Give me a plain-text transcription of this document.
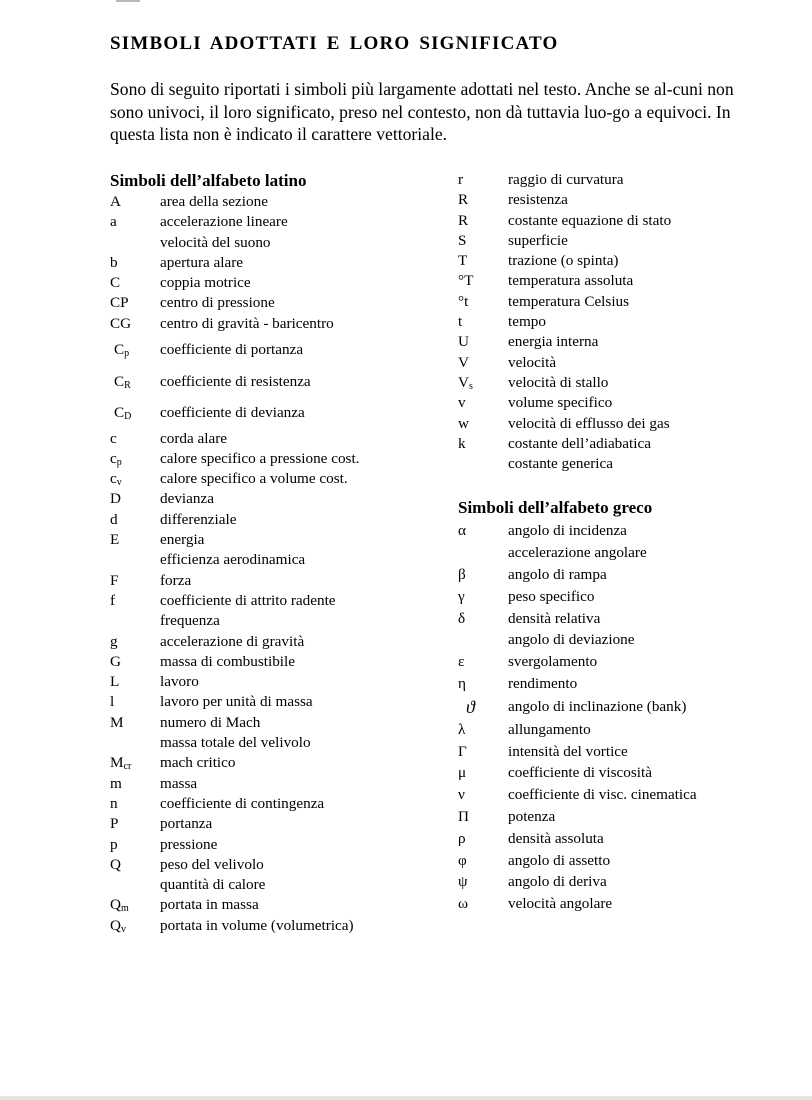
SIMBOLI ADOTTATI E LORO SIGNIFICATO

Sono di seguito riportati i simboli più largamente adottati nel testo. Anche se al-cuni non sono univoci, il loro significato, preso nel contesto, non dà tuttavia luo-go a equivoci. In questa lista non è indicato il carattere vettoriale.

Simboli dell’alfabeto latino
A	area della sezione
a	accelerazione lineare
velocità del suono
b	apertura alare
C	coppia motrice
CP	centro di pressione
CG	centro di gravità - baricentro
$C_p$	coefficiente di portanza
$C_R$	coefficiente di resistenza
$C_D$	coefficiente di devianza
c	corda alare
$c_p$	calore specifico a pressione cost.
$c_v$	calore specifico a volume cost.
D	devianza
d	differenziale
E	energia
efficienza aerodinamica
F	forza
f	coefficiente di attrito radente
frequenza
g	accelerazione di gravità
G	massa di combustibile
L	lavoro
l	lavoro per unità di massa
M	numero di Mach
massa totale del velivolo
$M_{cr}$	mach critico
m	massa
n	coefficiente di contingenza
P	portanza
p	pressione
Q	peso del velivolo
quantità di calore
$Q_m$	portata in massa
$Q_v$	portata in volume (volumetrica)
r	raggio di curvatura
R	resistenza
R	costante equazione di stato
S	superficie
T	trazione (o spinta)
°T	temperatura assoluta
°t	temperatura Celsius
t	tempo
U	energia interna
V	velocità
$V_s$	velocità di stallo
v	volume specifico
w	velocità di efflusso dei gas
k	costante dell’adiabatica
costante generica
Simboli dell’alfabeto greco
α	angolo di incidenza
accelerazione angolare
β	angolo di rampa
γ	peso specifico
δ	densità relativa
angolo di deviazione
ε	svergolamento
η	rendimento
ϑ	angolo di inclinazione (bank)
λ	allungamento
Γ	intensità del vortice
μ	coefficiente di viscosità
ν	coefficiente di visc. cinematica
Π	potenza
ρ	densità assoluta
φ	angolo di assetto
ψ	angolo di deriva
ω	velocità angolare
